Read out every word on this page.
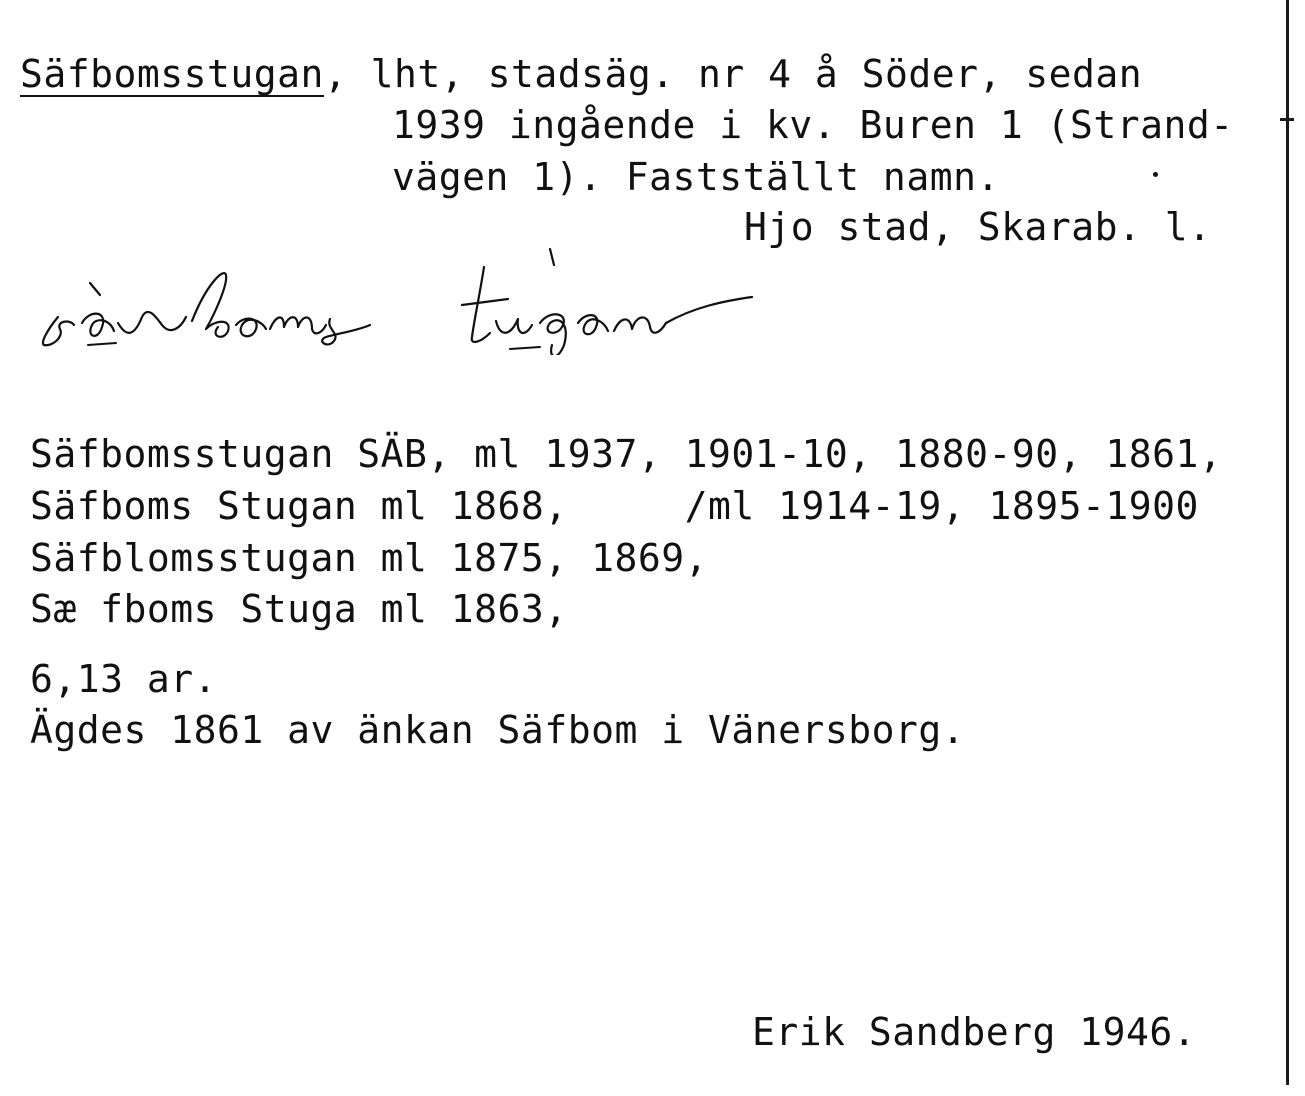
Säfbomsstugan, lht, stadsäg. nr 4 å Söder, sedan
1939 ingående i kv. Buren 1 (Strand-
vägen 1). Fastställt namn.
Hjo stad, Skarab. l.
Säfbomsstugan SÄB, ml 1937, 1901-10, 1880-90, 1861,
Säfboms Stugan ml 1868,     /ml 1914-19, 1895-1900
Säfblomsstugan ml 1875, 1869,
Sæ fboms Stuga ml 1863,
6,13 ar.
Ägdes 1861 av änkan Säfbom i Vänersborg.
Erik Sandberg 1946.
